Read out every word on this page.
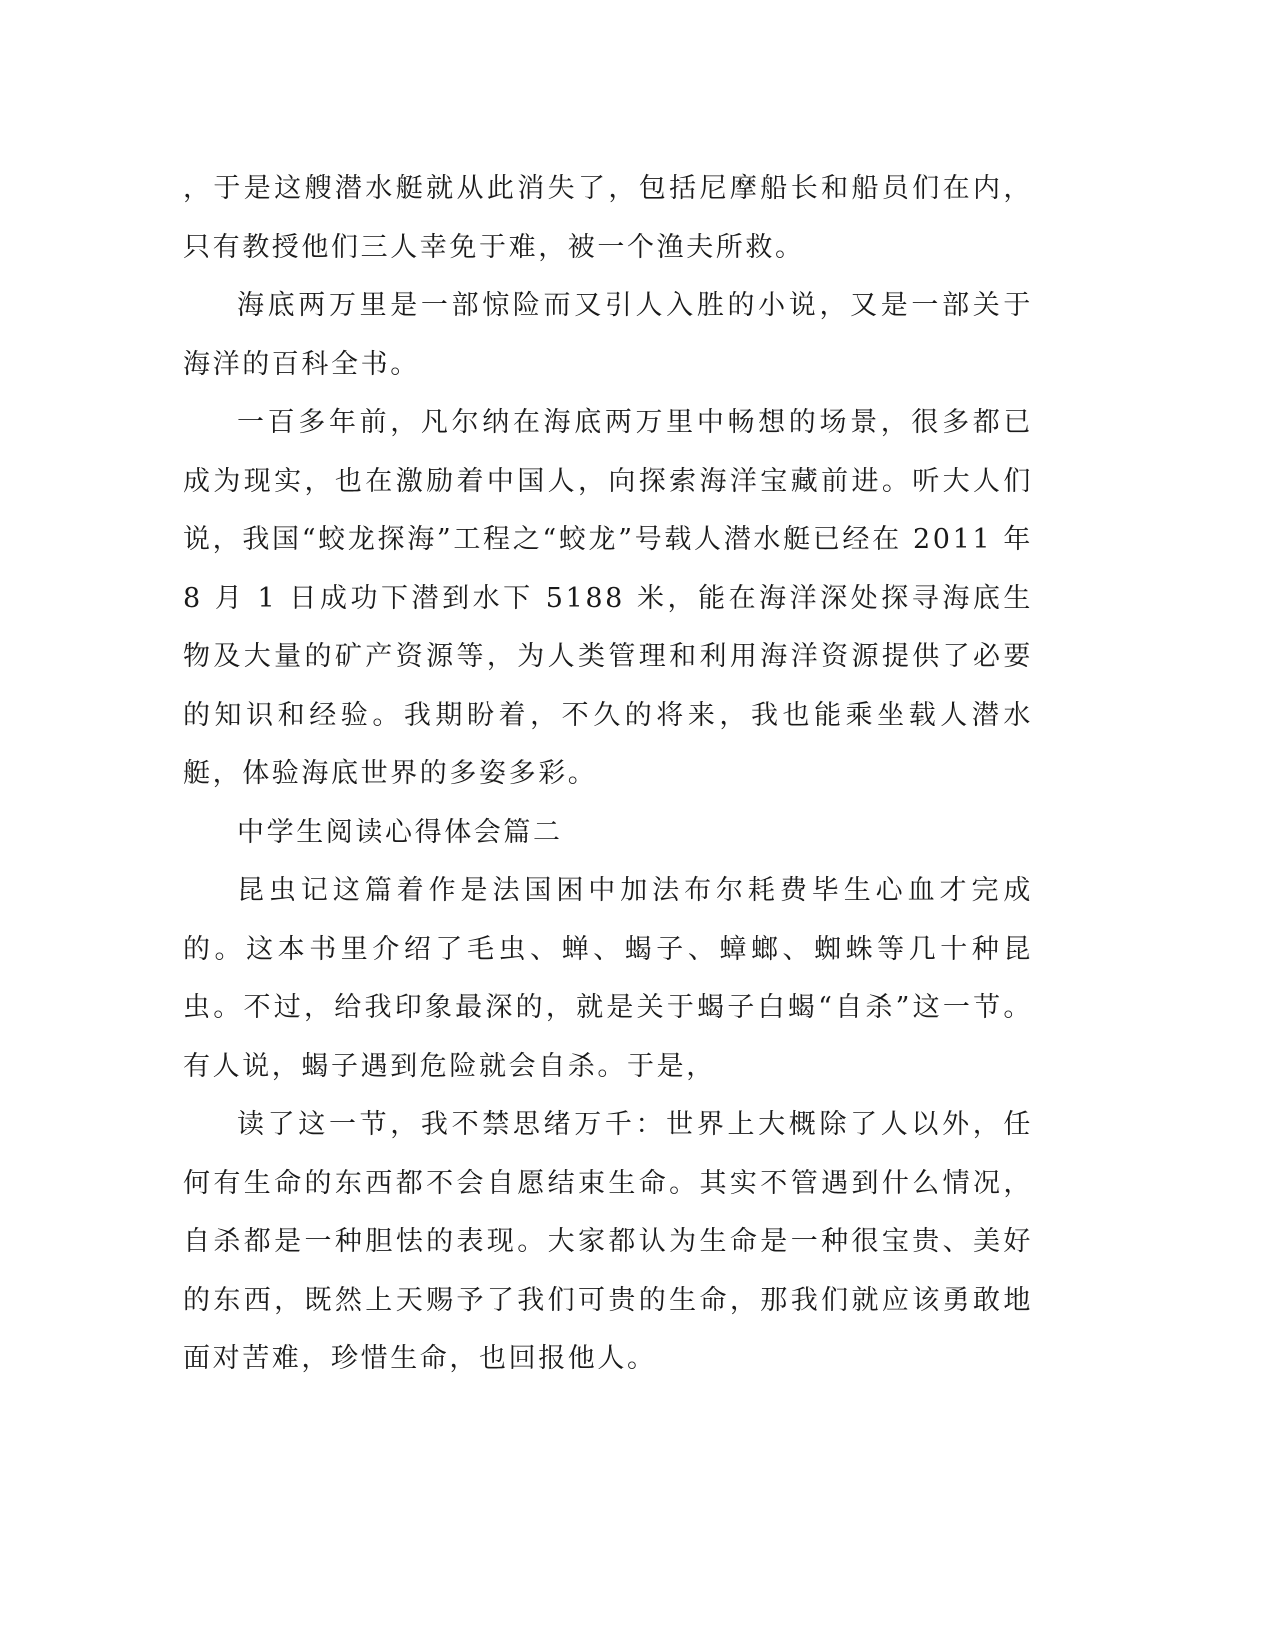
，于是这艘潜水艇就从此消失了，包括尼摩船长和船员们在内，只有教授他们三人幸免于难，被一个渔夫所救。

海底两万里是一部惊险而又引人入胜的小说，又是一部关于海洋的百科全书。

一百多年前，凡尔纳在海底两万里中畅想的场景，很多都已成为现实，也在激励着中国人，向探索海洋宝藏前进。听大人们说，我国“蛟龙探海”工程之“蛟龙”号载人潜水艇已经在 2011 年 8 月 1 日成功下潜到水下 5188 米，能在海洋深处探寻海底生物及大量的矿产资源等，为人类管理和利用海洋资源提供了必要的知识和经验。我期盼着，不久的将来，我也能乘坐载人潜水艇，体验海底世界的多姿多彩。

中学生阅读心得体会篇二

昆虫记这篇着作是法国困中加法布尔耗费毕生心血才完成的。这本书里介绍了毛虫、蝉、蝎子、蟑螂、蜘蛛等几十种昆虫。不过，给我印象最深的，就是关于蝎子白蝎“自杀”这一节。有人说，蝎子遇到危险就会自杀。于是，

读了这一节，我不禁思绪万千：世界上大概除了人以外，任何有生命的东西都不会自愿结束生命。其实不管遇到什么情况，自杀都是一种胆怯的表现。大家都认为生命是一种很宝贵、美好的东西，既然上天赐予了我们可贵的生命，那我们就应该勇敢地面对苦难，珍惜生命，也回报他人。
